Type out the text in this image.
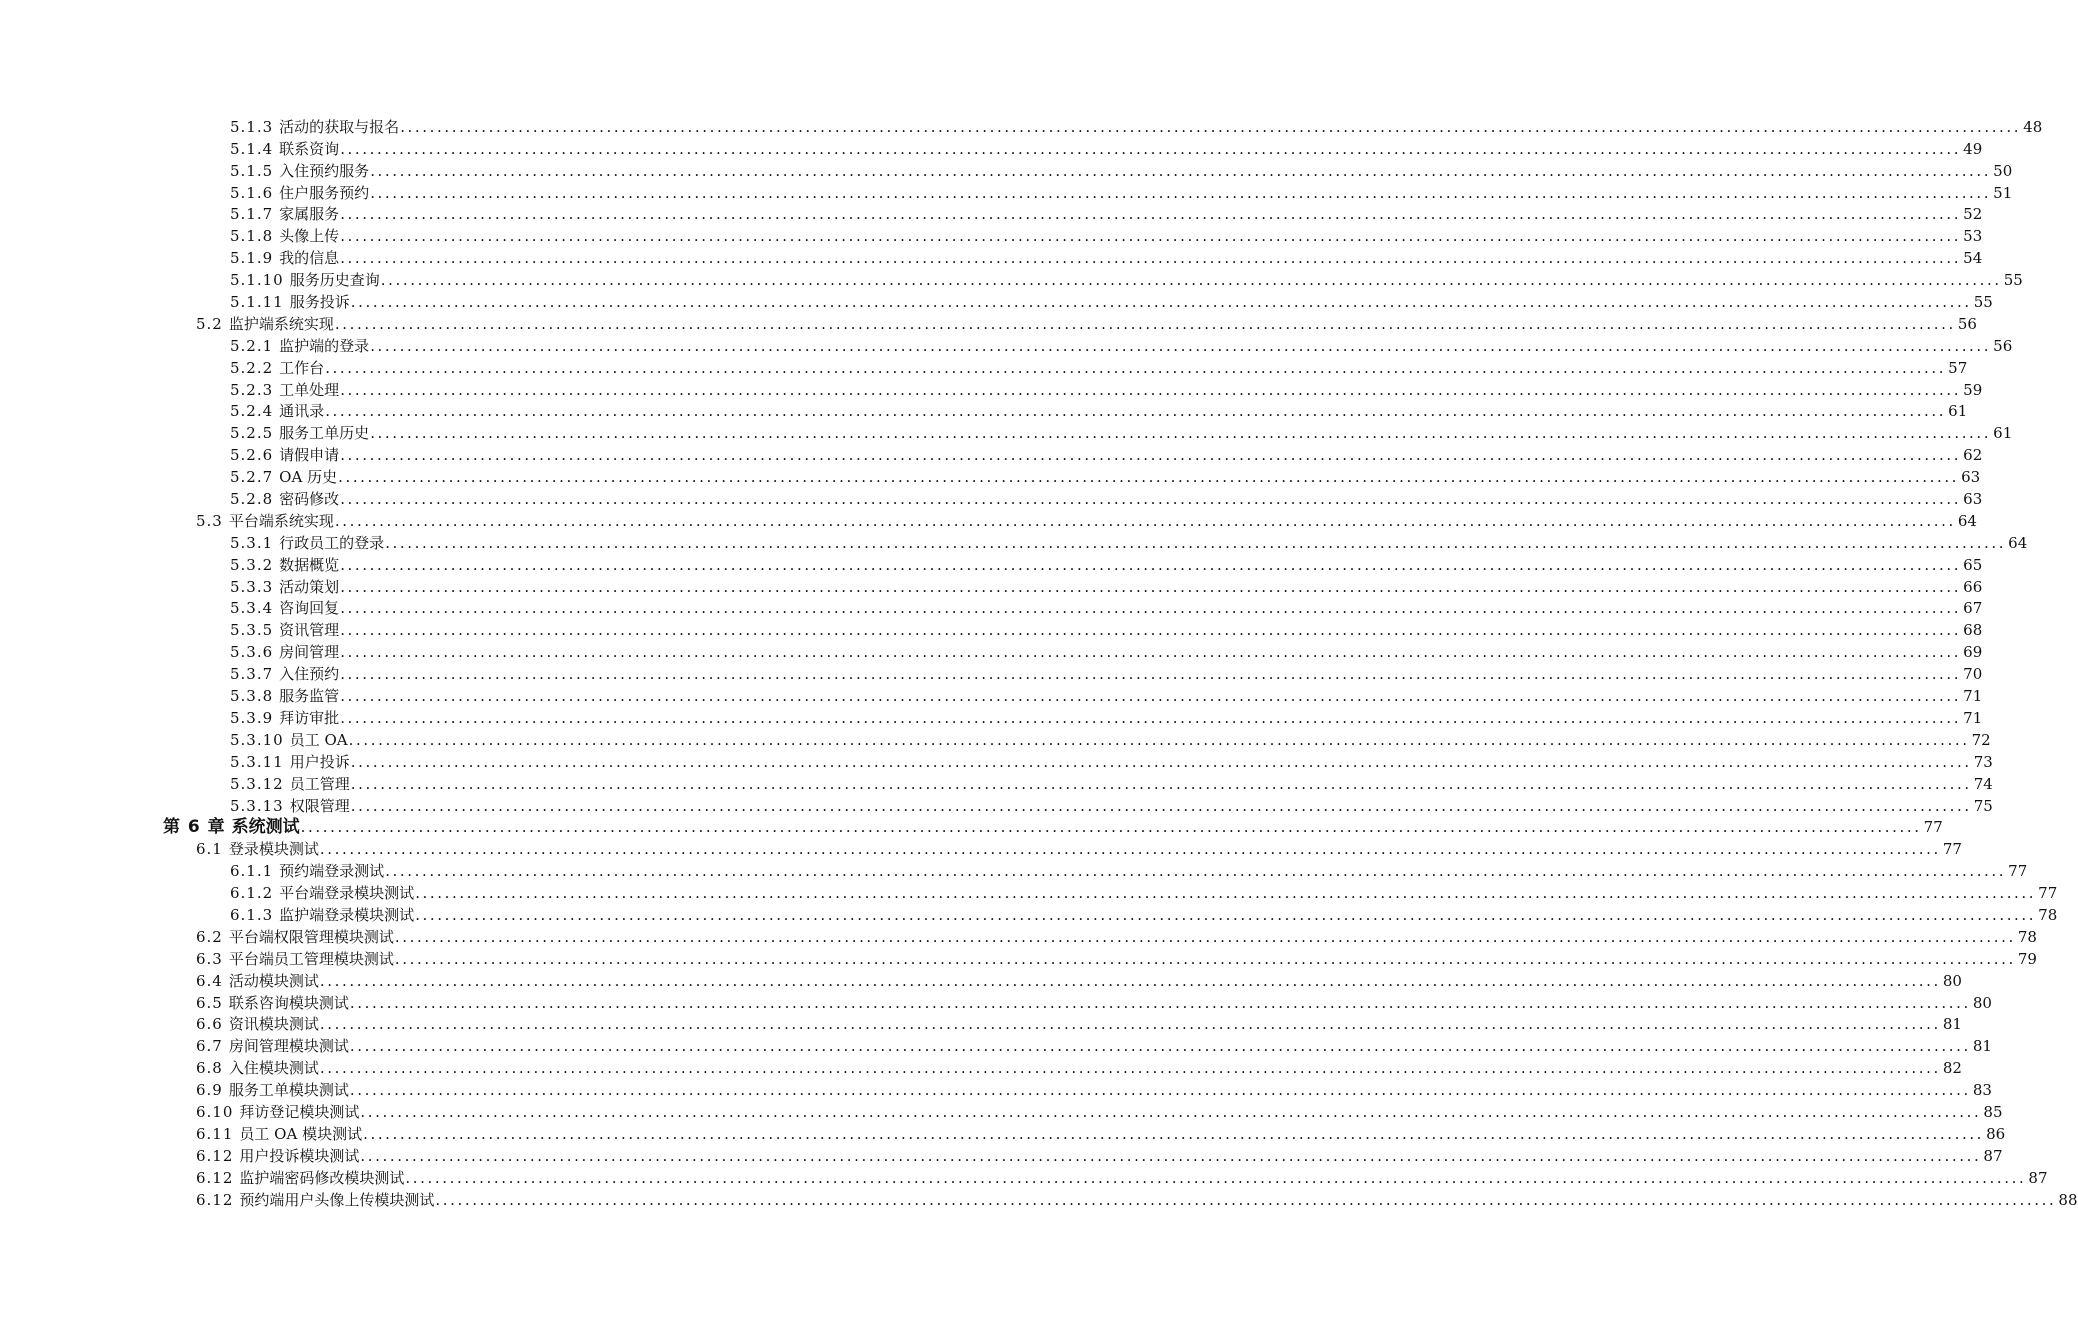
5.1.3 活动的获取与报名 ............................................................................................................................................................................................................................ 48
5.1.4 联系资询 ............................................................................................................................................................................................................................ 49
5.1.5 入住预约服务 ............................................................................................................................................................................................................................ 50
5.1.6 住户服务预约 ............................................................................................................................................................................................................................ 51
5.1.7 家属服务 ............................................................................................................................................................................................................................ 52
5.1.8 头像上传 ............................................................................................................................................................................................................................ 53
5.1.9 我的信息 ............................................................................................................................................................................................................................ 54
5.1.10 服务历史查询 ............................................................................................................................................................................................................................ 55
5.1.11 服务投诉 ............................................................................................................................................................................................................................ 55
5.2 监护端系统实现 ............................................................................................................................................................................................................................ 56
5.2.1 监护端的登录 ............................................................................................................................................................................................................................ 56
5.2.2 工作台 ............................................................................................................................................................................................................................ 57
5.2.3 工单处理 ............................................................................................................................................................................................................................ 59
5.2.4 通讯录 ............................................................................................................................................................................................................................ 61
5.2.5 服务工单历史 ............................................................................................................................................................................................................................ 61
5.2.6 请假申请 ............................................................................................................................................................................................................................ 62
5.2.7 OA 历史 ............................................................................................................................................................................................................................ 63
5.2.8 密码修改 ............................................................................................................................................................................................................................ 63
5.3 平台端系统实现 ............................................................................................................................................................................................................................ 64
5.3.1 行政员工的登录 ............................................................................................................................................................................................................................ 64
5.3.2 数据概览 ............................................................................................................................................................................................................................ 65
5.3.3 活动策划 ............................................................................................................................................................................................................................ 66
5.3.4 咨询回复 ............................................................................................................................................................................................................................ 67
5.3.5 资讯管理 ............................................................................................................................................................................................................................ 68
5.3.6 房间管理 ............................................................................................................................................................................................................................ 69
5.3.7 入住预约 ............................................................................................................................................................................................................................ 70
5.3.8 服务监管 ............................................................................................................................................................................................................................ 71
5.3.9 拜访审批 ............................................................................................................................................................................................................................ 71
5.3.10 员工 OA ............................................................................................................................................................................................................................ 72
5.3.11 用户投诉 ............................................................................................................................................................................................................................ 73
5.3.12 员工管理 ............................................................................................................................................................................................................................ 74
5.3.13 权限管理 ............................................................................................................................................................................................................................ 75
第 6 章 系统测试 ............................................................................................................................................................................................................................ 77
6.1 登录模块测试 ............................................................................................................................................................................................................................ 77
6.1.1 预约端登录测试 ............................................................................................................................................................................................................................ 77
6.1.2 平台端登录模块测试 ............................................................................................................................................................................................................................ 77
6.1.3 监护端登录模块测试 ............................................................................................................................................................................................................................ 78
6.2 平台端权限管理模块测试 ............................................................................................................................................................................................................................ 78
6.3 平台端员工管理模块测试 ............................................................................................................................................................................................................................ 79
6.4 活动模块测试 ............................................................................................................................................................................................................................ 80
6.5 联系咨询模块测试 ............................................................................................................................................................................................................................ 80
6.6 资讯模块测试 ............................................................................................................................................................................................................................ 81
6.7 房间管理模块测试 ............................................................................................................................................................................................................................ 81
6.8 入住模块测试 ............................................................................................................................................................................................................................ 82
6.9 服务工单模块测试 ............................................................................................................................................................................................................................ 83
6.10 拜访登记模块测试 ............................................................................................................................................................................................................................ 85
6.11 员工 OA 模块测试 ............................................................................................................................................................................................................................ 86
6.12 用户投诉模块测试 ............................................................................................................................................................................................................................ 87
6.12 监护端密码修改模块测试 ............................................................................................................................................................................................................................ 87
6.12 预约端用户头像上传模块测试 ............................................................................................................................................................................................................................ 88
